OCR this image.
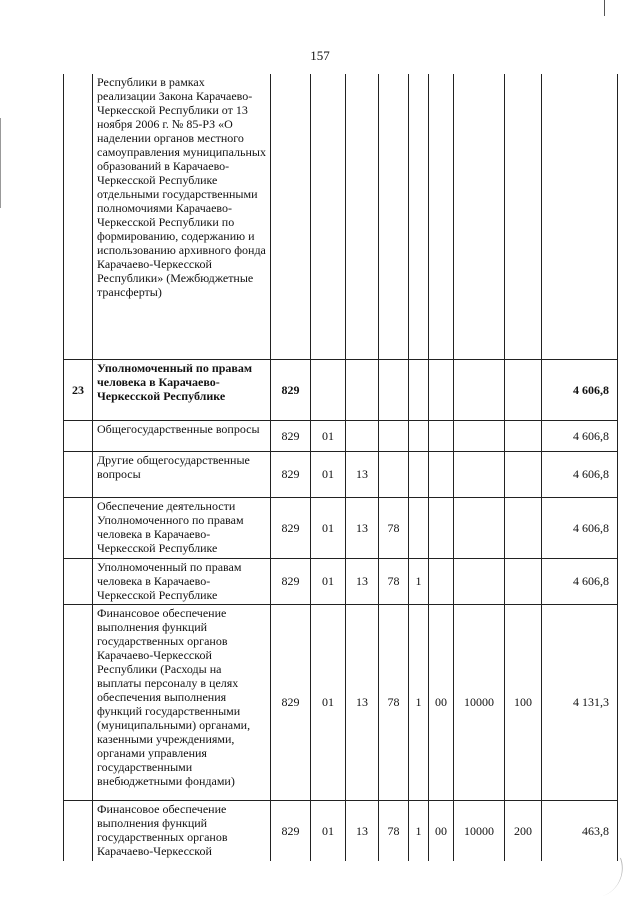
157
	Республики в рамках реализации Закона Карачаево-Черкесской Республики от 13 ноября 2006 г. № 85-РЗ «О наделении органов местного самоуправления муниципальных образований в Карачаево-Черкесской Республике отдельными государственными полномочиями Карачаево-Черкесской Республики по формированию, содержанию и использованию архивного фонда Карачаево-Черкесской Республики» (Межбюджетные трансферты)									
23	Уполномоченный по правам человека в Карачаево-Черкесской Республике	829								4 606,8
	Общегосударственные вопросы	829	01							4 606,8
	Другие общегосударственные вопросы	829	01	13						4 606,8
	Обеспечение деятельности Уполномоченного по правам человека в Карачаево-Черкесской Республике	829	01	13	78					4 606,8
	Уполномоченный по правам человека в Карачаево-Черкесской Республике	829	01	13	78	1				4 606,8
	Финансовое обеспечение выполнения функций государственных органов Карачаево-Черкесской Республики (Расходы на выплаты персоналу в целях обеспечения выполнения функций государственными (муниципальными) органами, казенными учреждениями, органами управления государственными внебюджетными фондами)	829	01	13	78	1	00	10000	100	4 131,3
	Финансовое обеспечение выполнения функций государственных органов Карачаево-Черкесской	829	01	13	78	1	00	10000	200	463,8
